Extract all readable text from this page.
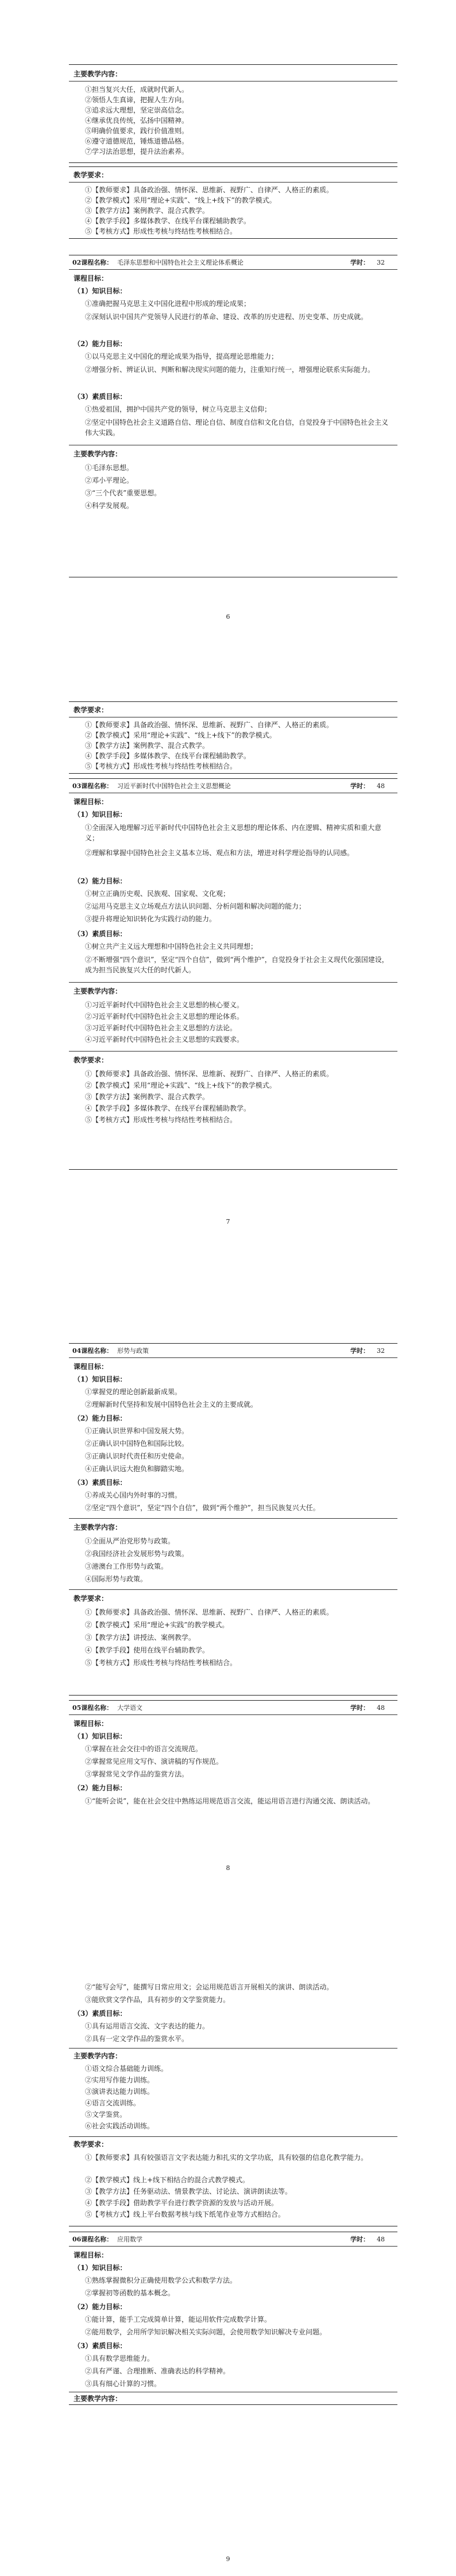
主要教学内容：
①担当复兴大任，成就时代新人。
②领悟人生真谛，把握人生方向。
③追求远大理想，坚定崇高信念。
④继承优良传统，弘扬中国精神。
⑤明确价值要求，践行价值准则。
⑥遵守道德规范，锤炼道德品格。
⑦学习法治思想，提升法治素养。
教学要求：
①【教师要求】具备政治强、情怀深、思维新、视野广、自律严、人格正的素质。
②【教学模式】采用“理论+实践”、“线上+线下”的教学模式。
③【教学方法】案例教学、混合式教学。
④【教学手段】多媒体教学、在线平台课程辅助教学。
⑤【考核方式】形成性考核与终结性考核相结合。
02课程名称： 毛泽东思想和中国特色社会主义理论体系概论	学时： 32
课程目标：
（1）知识目标：
①准确把握马克思主义中国化进程中形成的理论成果；
②深刻认识中国共产党领导人民进行的革命、建设、改革的历史进程、历史变革、历史成就。
（2）能力目标：
①以马克思主义中国化的理论成果为指导，提高理论思维能力；
②增强分析、辨证认识、判断和解决现实问题的能力，注重知行统一，增强理论联系实际能力。
（3）素质目标：
①热爱祖国，拥护中国共产党的领导，树立马克思主义信仰；
②坚定中国特色社会主义道路自信、理论自信、制度自信和文化自信，自觉投身于中国特色社会主义伟大实践。
主要教学内容：
①毛泽东思想。
②邓小平理论。
③“三个代表”重要思想。
④科学发展观。
6
教学要求：
①【教师要求】具备政治强、情怀深、思维新、视野广、自律严、人格正的素质。
②【教学模式】采用“理论+实践”、“线上+线下”的教学模式。
③【教学方法】案例教学、混合式教学。
④【教学手段】多媒体教学、在线平台课程辅助教学。
⑤【考核方式】形成性考核与终结性考核相结合。
03课程名称： 习近平新时代中国特色社会主义思想概论	学时： 48
课程目标：
（1）知识目标：
①全面深入地理解习近平新时代中国特色社会主义思想的理论体系、内在逻辑、精神实质和重大意义；
②理解和掌握中国特色社会主义基本立场、观点和方法，增进对科学理论指导的认同感。
（2）能力目标：
①树立正确历史观、民族观、国家观、文化观；
②运用马克思主义立场观点方法认识问题、分析问题和解决问题的能力；
③提升将理论知识转化为实践行动的能力。
（3）素质目标：
①树立共产主义远大理想和中国特色社会主义共同理想；
②不断增强“四个意识”，坚定“四个自信”，做到“两个维护”，自觉投身于社会主义现代化强国建设，成为担当民族复兴大任的时代新人。
主要教学内容：
①习近平新时代中国特色社会主义思想的核心要义。
②习近平新时代中国特色社会主义思想的理论体系。
③习近平新时代中国特色社会主义思想的方法论。
④习近平新时代中国特色社会主义思想的实践要求。
教学要求：
①【教师要求】具备政治强、情怀深、思维新、视野广、自律严、人格正的素质。
②【教学模式】采用“理论+实践”、“线上+线下”的教学模式。
③【教学方法】案例教学、混合式教学。
④【教学手段】多媒体教学、在线平台课程辅助教学。
⑤【考核方式】形成性考核与终结性考核相结合。
7
04课程名称： 形势与政策	学时： 32
课程目标：
（1）知识目标：
①掌握党的理论创新最新成果。
②理解新时代坚持和发展中国特色社会主义的主要成就。
（2）能力目标：
①正确认识世界和中国发展大势。
②正确认识中国特色和国际比较。
③正确认识时代责任和历史使命。
④正确认识远大抱负和脚踏实地。
（3）素质目标：
①养成关心国内外时事的习惯。
②坚定“四个意识”，坚定“四个自信”，做到“两个维护”，担当民族复兴大任。
主要教学内容：
①全面从严治党形势与政策。
②我国经济社会发展形势与政策。
③港澳台工作形势与政策。
④国际形势与政策。
教学要求：
①【教师要求】具备政治强、情怀深、思维新、视野广、自律严、人格正的素质。
②【教学模式】采用“理论+实践”的教学模式。
③【教学方法】讲授法、案例教学。
④【教学手段】使用在线平台辅助教学。
⑤【考核方式】形成性考核与终结性考核相结合。
05课程名称： 大学语文	学时： 48
课程目标：
（1）知识目标：
①掌握在社会交往中的语言交流规范。
②掌握常见应用文写作、演讲稿的写作规范。
③掌握常见文学作品的鉴赏方法。
（2）能力目标：
①“能听会说”，能在社会交往中熟练运用规范语言交流，能运用语言进行沟通交流、朗读活动。
8
②“能写会写”，能撰写日常应用文；会运用规范语言开展相关的演讲、朗读活动。
③能欣赏文学作品，具有初步的文学鉴赏能力。
（3）素质目标：
①具有运用语言交流、文字表达的能力。
②具有一定文学作品的鉴赏水平。
主要教学内容：
①语文综合基础能力训练。
②实用写作能力训练。
③演讲表达能力训练。
④语言交流训练。
⑤文学鉴赏。
⑥社会实践活动训练。
教学要求：
①【教师要求】具有较强语言文字表达能力和扎实的文学功底，具有较强的信息化教学能力。
②【教学模式】线上+线下相结合的混合式教学模式。
③【教学方法】任务驱动法、情景教学法、讨论法、演讲朗读法等。
④【教学手段】借助教学平台进行教学资源的发放与活动开展。
⑤【考核方式】线上平台数据考核与线下纸笔作业等方式相结合。
06课程名称： 应用数学	学时： 48
课程目标：
（1）知识目标：
①熟练掌握微积分正确使用数学公式和数学方法。
②掌握初等函数的基本概念。
（2）能力目标：
①能计算，能手工完成简单计算，能运用软件完成数学计算。
②能用数学，会用所学知识解决相关实际问题，会使用数学知识解决专业问题。
（3）素质目标：
①具有数学思维能力。
②具有严谨、合理推断、准确表达的科学精神。
③具有细心计算的习惯。
主要教学内容：
9
